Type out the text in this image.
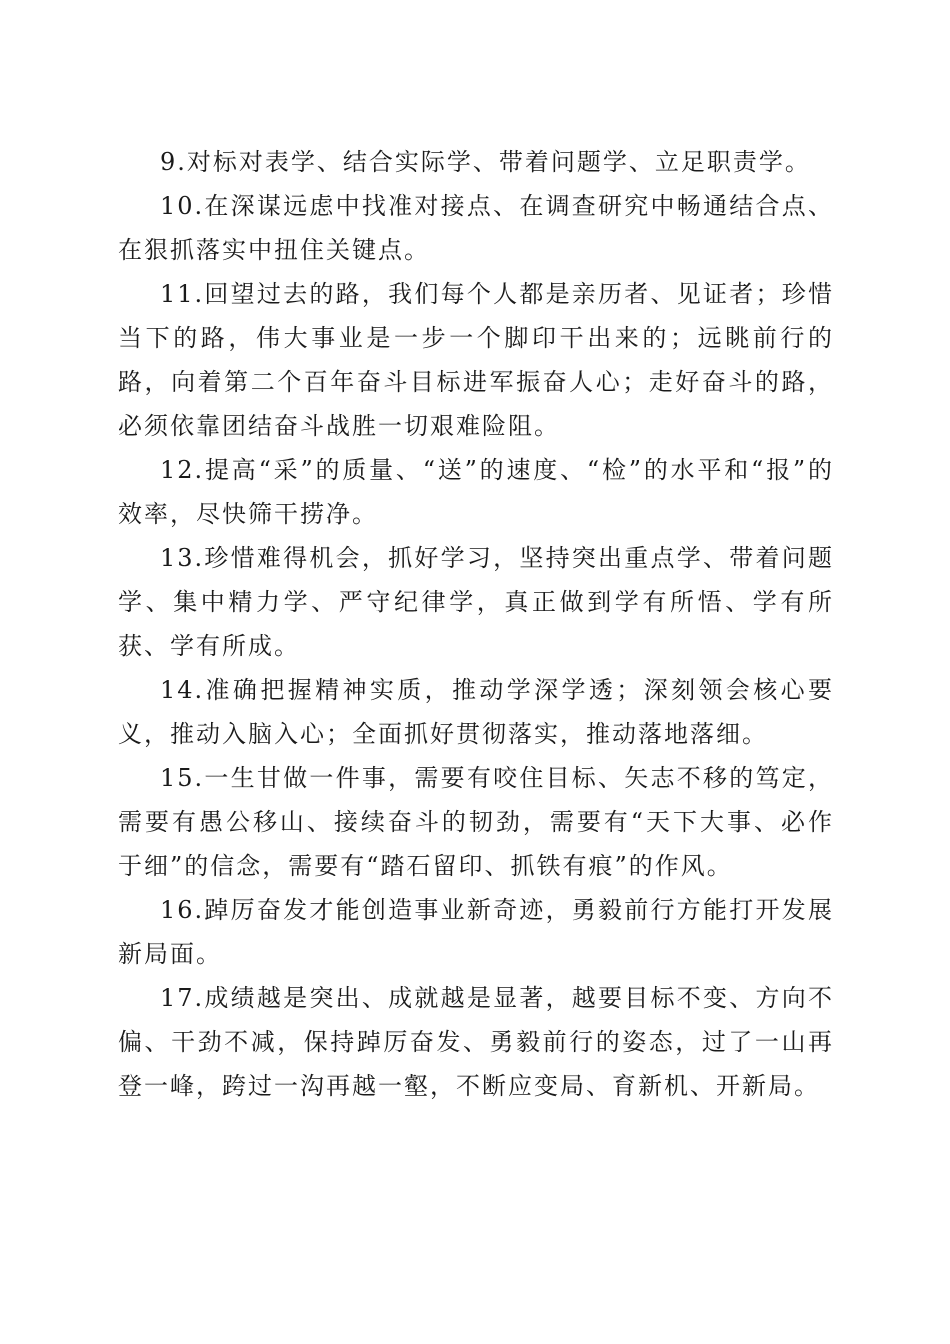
9.对标对表学、结合实际学、带着问题学、立足职责学。

10.在深谋远虑中找准对接点、在调查研究中畅通结合点、在狠抓落实中扭住关键点。

11.回望过去的路，我们每个人都是亲历者、见证者；珍惜当下的路，伟大事业是一步一个脚印干出来的；远眺前行的路，向着第二个百年奋斗目标进军振奋人心；走好奋斗的路，必须依靠团结奋斗战胜一切艰难险阻。

12.提高“采”的质量、“送”的速度、“检”的水平和“报”的效率，尽快筛干捞净。

13.珍惜难得机会，抓好学习，坚持突出重点学、带着问题学、集中精力学、严守纪律学，真正做到学有所悟、学有所获、学有所成。

14.准确把握精神实质，推动学深学透；深刻领会核心要义，推动入脑入心；全面抓好贯彻落实，推动落地落细。

15.一生甘做一件事，需要有咬住目标、矢志不移的笃定，需要有愚公移山、接续奋斗的韧劲，需要有“天下大事、必作于细”的信念，需要有“踏石留印、抓铁有痕”的作风。

16.踔厉奋发才能创造事业新奇迹，勇毅前行方能打开发展新局面。

17.成绩越是突出、成就越是显著，越要目标不变、方向不偏、干劲不减，保持踔厉奋发、勇毅前行的姿态，过了一山再登一峰，跨过一沟再越一壑，不断应变局、育新机、开新局。
